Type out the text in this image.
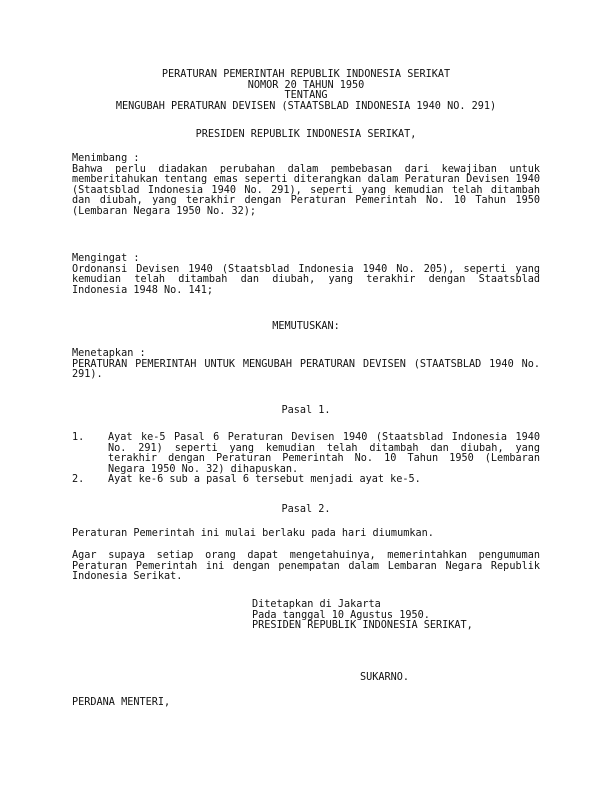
PERATURAN PEMERINTAH REPUBLIK INDONESIA SERIKAT
NOMOR 20 TAHUN 1950
TENTANG
MENGUBAH PERATURAN DEVISEN (STAATSBLAD INDONESIA 1940 NO. 291)
PRESIDEN REPUBLIK INDONESIA SERIKAT,
Menimbang :
Bahwa perlu diadakan perubahan dalam pembebasan dari kewajiban untuk memberitahukan tentang emas seperti diterangkan dalam Peraturan Devisen 1940 (Staatsblad Indonesia 1940 No. 291), seperti yang kemudian telah ditambah dan diubah, yang terakhir dengan Peraturan Pemerintah No. 10 Tahun 1950 (Lembaran Negara 1950 No. 32);
Mengingat :
Ordonansi Devisen 1940 (Staatsblad Indonesia 1940 No. 205), seperti yang kemudian telah ditambah dan diubah, yang terakhir dengan Staatsblad Indonesia 1948 No. 141;
MEMUTUSKAN:
Menetapkan :
PERATURAN PEMERINTAH UNTUK MENGUBAH PERATURAN DEVISEN (STAATSBLAD 1940 No. 291).
Pasal 1.
1. Ayat ke-5 Pasal 6 Peraturan Devisen 1940 (Staatsblad Indonesia 1940 No. 291) seperti yang kemudian telah ditambah dan diubah, yang terakhir dengan Peraturan Pemerintah No. 10 Tahun 1950 (Lembaran Negara 1950 No. 32) dihapuskan.
2. Ayat ke-6 sub a pasal 6 tersebut menjadi ayat ke-5.
Pasal 2.
Peraturan Pemerintah ini mulai berlaku pada hari diumumkan.
Agar supaya setiap orang dapat mengetahuinya, memerintahkan pengumuman Peraturan Pemerintah ini dengan penempatan dalam Lembaran Negara Republik Indonesia Serikat.
Ditetapkan di Jakarta
Pada tanggal 10 Agustus 1950.
PRESIDEN REPUBLIK INDONESIA SERIKAT,
SUKARNO.
PERDANA MENTERI,
